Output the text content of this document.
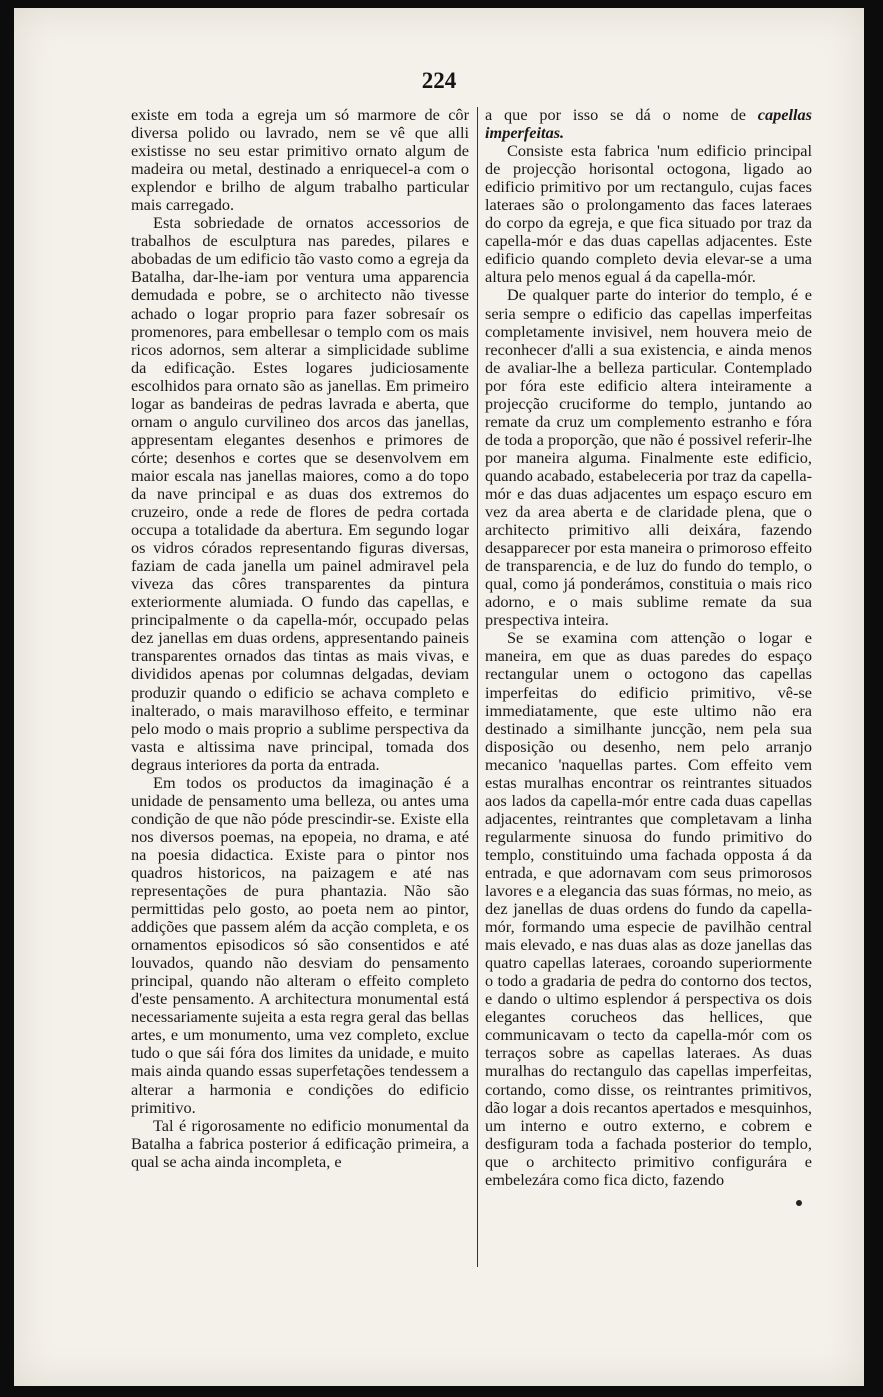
224

existe em toda a egreja um só marmore de côr diversa polido ou lavrado, nem se vê que alli existisse no seu estar primitivo ornato algum de madeira ou metal, destinado a enriquecel-a com o explendor e brilho de algum trabalho particular mais carregado.

Esta sobriedade de ornatos accessorios de trabalhos de esculptura nas paredes, pilares e abobadas de um edificio tão vasto como a egreja da Batalha, dar-lhe-iam por ventura uma apparencia demudada e pobre, se o architecto não tivesse achado o logar proprio para fazer sobresaír os promenores, para embellesar o templo com os mais ricos adornos, sem alterar a simplicidade sublime da edificação. Estes logares judiciosamente escolhidos para ornato são as janellas. Em primeiro logar as bandeiras de pedras lavrada e aberta, que ornam o angulo curvilineo dos arcos das janellas, appresentam elegantes desenhos e primores de córte; desenhos e cortes que se desenvolvem em maior escala nas janellas maiores, como a do topo da nave principal e as duas dos extremos do cruzeiro, onde a rede de flores de pedra cortada occupa a totalidade da abertura. Em segundo logar os vidros córados representando figuras diversas, faziam de cada janella um painel admiravel pela viveza das côres transparentes da pintura exteriormente alumiada. O fundo das capellas, e principalmente o da capella-mór, occupado pelas dez janellas em duas ordens, appresentando paineis transparentes ornados das tintas as mais vivas, e divididos apenas por columnas delgadas, deviam produzir quando o edificio se achava completo e inalterado, o mais maravilhoso effeito, e terminar pelo modo o mais proprio a sublime perspectiva da vasta e altissima nave principal, tomada dos degraus interiores da porta da entrada.

Em todos os productos da imaginação é a unidade de pensamento uma belleza, ou antes uma condição de que não póde prescindir-se. Existe ella nos diversos poemas, na epopeia, no drama, e até na poesia didactica. Existe para o pintor nos quadros historicos, na paizagem e até nas representações de pura phantazia. Não são permittidas pelo gosto, ao poeta nem ao pintor, addições que passem além da acção completa, e os ornamentos episodicos só são consentidos e até louvados, quando não desviam do pensamento principal, quando não alteram o effeito completo d'este pensamento. A architectura monumental está necessariamente sujeita a esta regra geral das bellas artes, e um monumento, uma vez completo, exclue tudo o que sái fóra dos limites da unidade, e muito mais ainda quando essas superfetações tendessem a alterar a harmonia e condições do edificio primitivo.

Tal é rigorosamente no edificio monumental da Batalha a fabrica posterior á edificação primeira, a qual se acha ainda incompleta, e

a que por isso se dá o nome de capellas imperfeitas.

Consiste esta fabrica 'num edificio principal de projecção horisontal octogona, ligado ao edificio primitivo por um rectangulo, cujas faces lateraes são o prolongamento das faces lateraes do corpo da egreja, e que fica situado por traz da capella-mór e das duas capellas adjacentes. Este edificio quando completo devia elevar-se a uma altura pelo menos egual á da capella-mór.

De qualquer parte do interior do templo, é e seria sempre o edificio das capellas imperfeitas completamente invisivel, nem houvera meio de reconhecer d'alli a sua existencia, e ainda menos de avaliar-lhe a belleza particular. Contemplado por fóra este edificio altera inteiramente a projecção cruciforme do templo, juntando ao remate da cruz um complemento estranho e fóra de toda a proporção, que não é possivel referir-lhe por maneira alguma. Finalmente este edificio, quando acabado, estabeleceria por traz da capella-mór e das duas adjacentes um espaço escuro em vez da area aberta e de claridade plena, que o architecto primitivo alli deixára, fazendo desapparecer por esta maneira o primoroso effeito de transparencia, e de luz do fundo do templo, o qual, como já ponderámos, constituia o mais rico adorno, e o mais sublime remate da sua prespectiva inteira.

Se se examina com attenção o logar e maneira, em que as duas paredes do espaço rectangular unem o octogono das capellas imperfeitas do edificio primitivo, vê-se immediatamente, que este ultimo não era destinado a similhante juncção, nem pela sua disposição ou desenho, nem pelo arranjo mecanico 'naquellas partes. Com effeito vem estas muralhas encontrar os reintrantes situados aos lados da capella-mór entre cada duas capellas adjacentes, reintrantes que completavam a linha regularmente sinuosa do fundo primitivo do templo, constituindo uma fachada opposta á da entrada, e que adornavam com seus primorosos lavores e a elegancia das suas fórmas, no meio, as dez janellas de duas ordens do fundo da capella-mór, formando uma especie de pavilhão central mais elevado, e nas duas alas as doze janellas das quatro capellas lateraes, coroando superiormente o todo a gradaria de pedra do contorno dos tectos, e dando o ultimo esplendor á perspectiva os dois elegantes corucheos das hellices, que communicavam o tecto da capella-mór com os terraços sobre as capellas lateraes. As duas muralhas do rectangulo das capellas imperfeitas, cortando, como disse, os reintrantes primitivos, dão logar a dois recantos apertados e mesquinhos, um interno e outro externo, e cobrem e desfiguram toda a fachada posterior do templo, que o architecto primitivo configurára e embelezára como fica dicto, fazendo
